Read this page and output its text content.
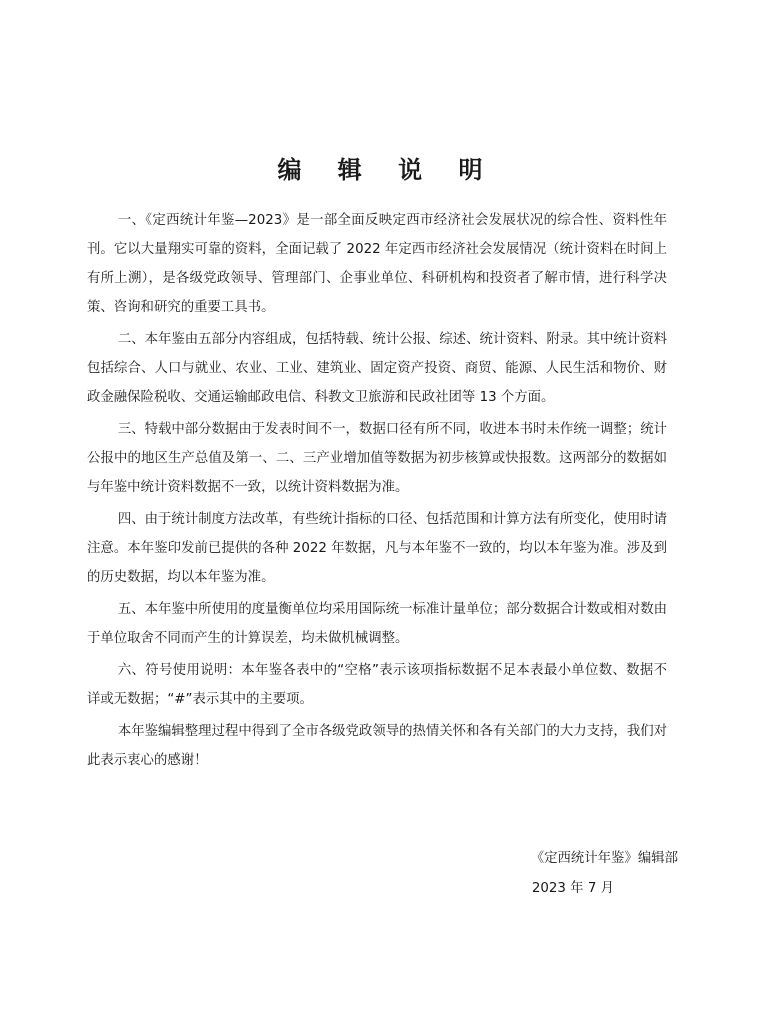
编 辑 说 明

一、《定西统计年鉴—2023》是一部全面反映定西市经济社会发展状况的综合性、资料性年刊。它以大量翔实可靠的资料，全面记载了 2022 年定西市经济社会发展情况（统计资料在时间上有所上溯），是各级党政领导、管理部门、企事业单位、科研机构和投资者了解市情，进行科学决策、咨询和研究的重要工具书。

二、本年鉴由五部分内容组成，包括特载、统计公报、综述、统计资料、附录。其中统计资料包括综合、人口与就业、农业、工业、建筑业、固定资产投资、商贸、能源、人民生活和物价、财政金融保险税收、交通运输邮政电信、科教文卫旅游和民政社团等 13 个方面。

三、特载中部分数据由于发表时间不一，数据口径有所不同，收进本书时未作统一调整；统计公报中的地区生产总值及第一、二、三产业增加值等数据为初步核算或快报数。这两部分的数据如与年鉴中统计资料数据不一致，以统计资料数据为准。

四、由于统计制度方法改革，有些统计指标的口径、包括范围和计算方法有所变化，使用时请注意。本年鉴印发前已提供的各种 2022 年数据，凡与本年鉴不一致的，均以本年鉴为准。涉及到的历史数据，均以本年鉴为准。

五、本年鉴中所使用的度量衡单位均采用国际统一标准计量单位；部分数据合计数或相对数由于单位取舍不同而产生的计算误差，均未做机械调整。

六、符号使用说明：本年鉴各表中的“空格”表示该项指标数据不足本表最小单位数、数据不详或无数据；“#”表示其中的主要项。

本年鉴编辑整理过程中得到了全市各级党政领导的热情关怀和各有关部门的大力支持，我们对此表示衷心的感谢！

《定西统计年鉴》编辑部
2023 年 7 月
